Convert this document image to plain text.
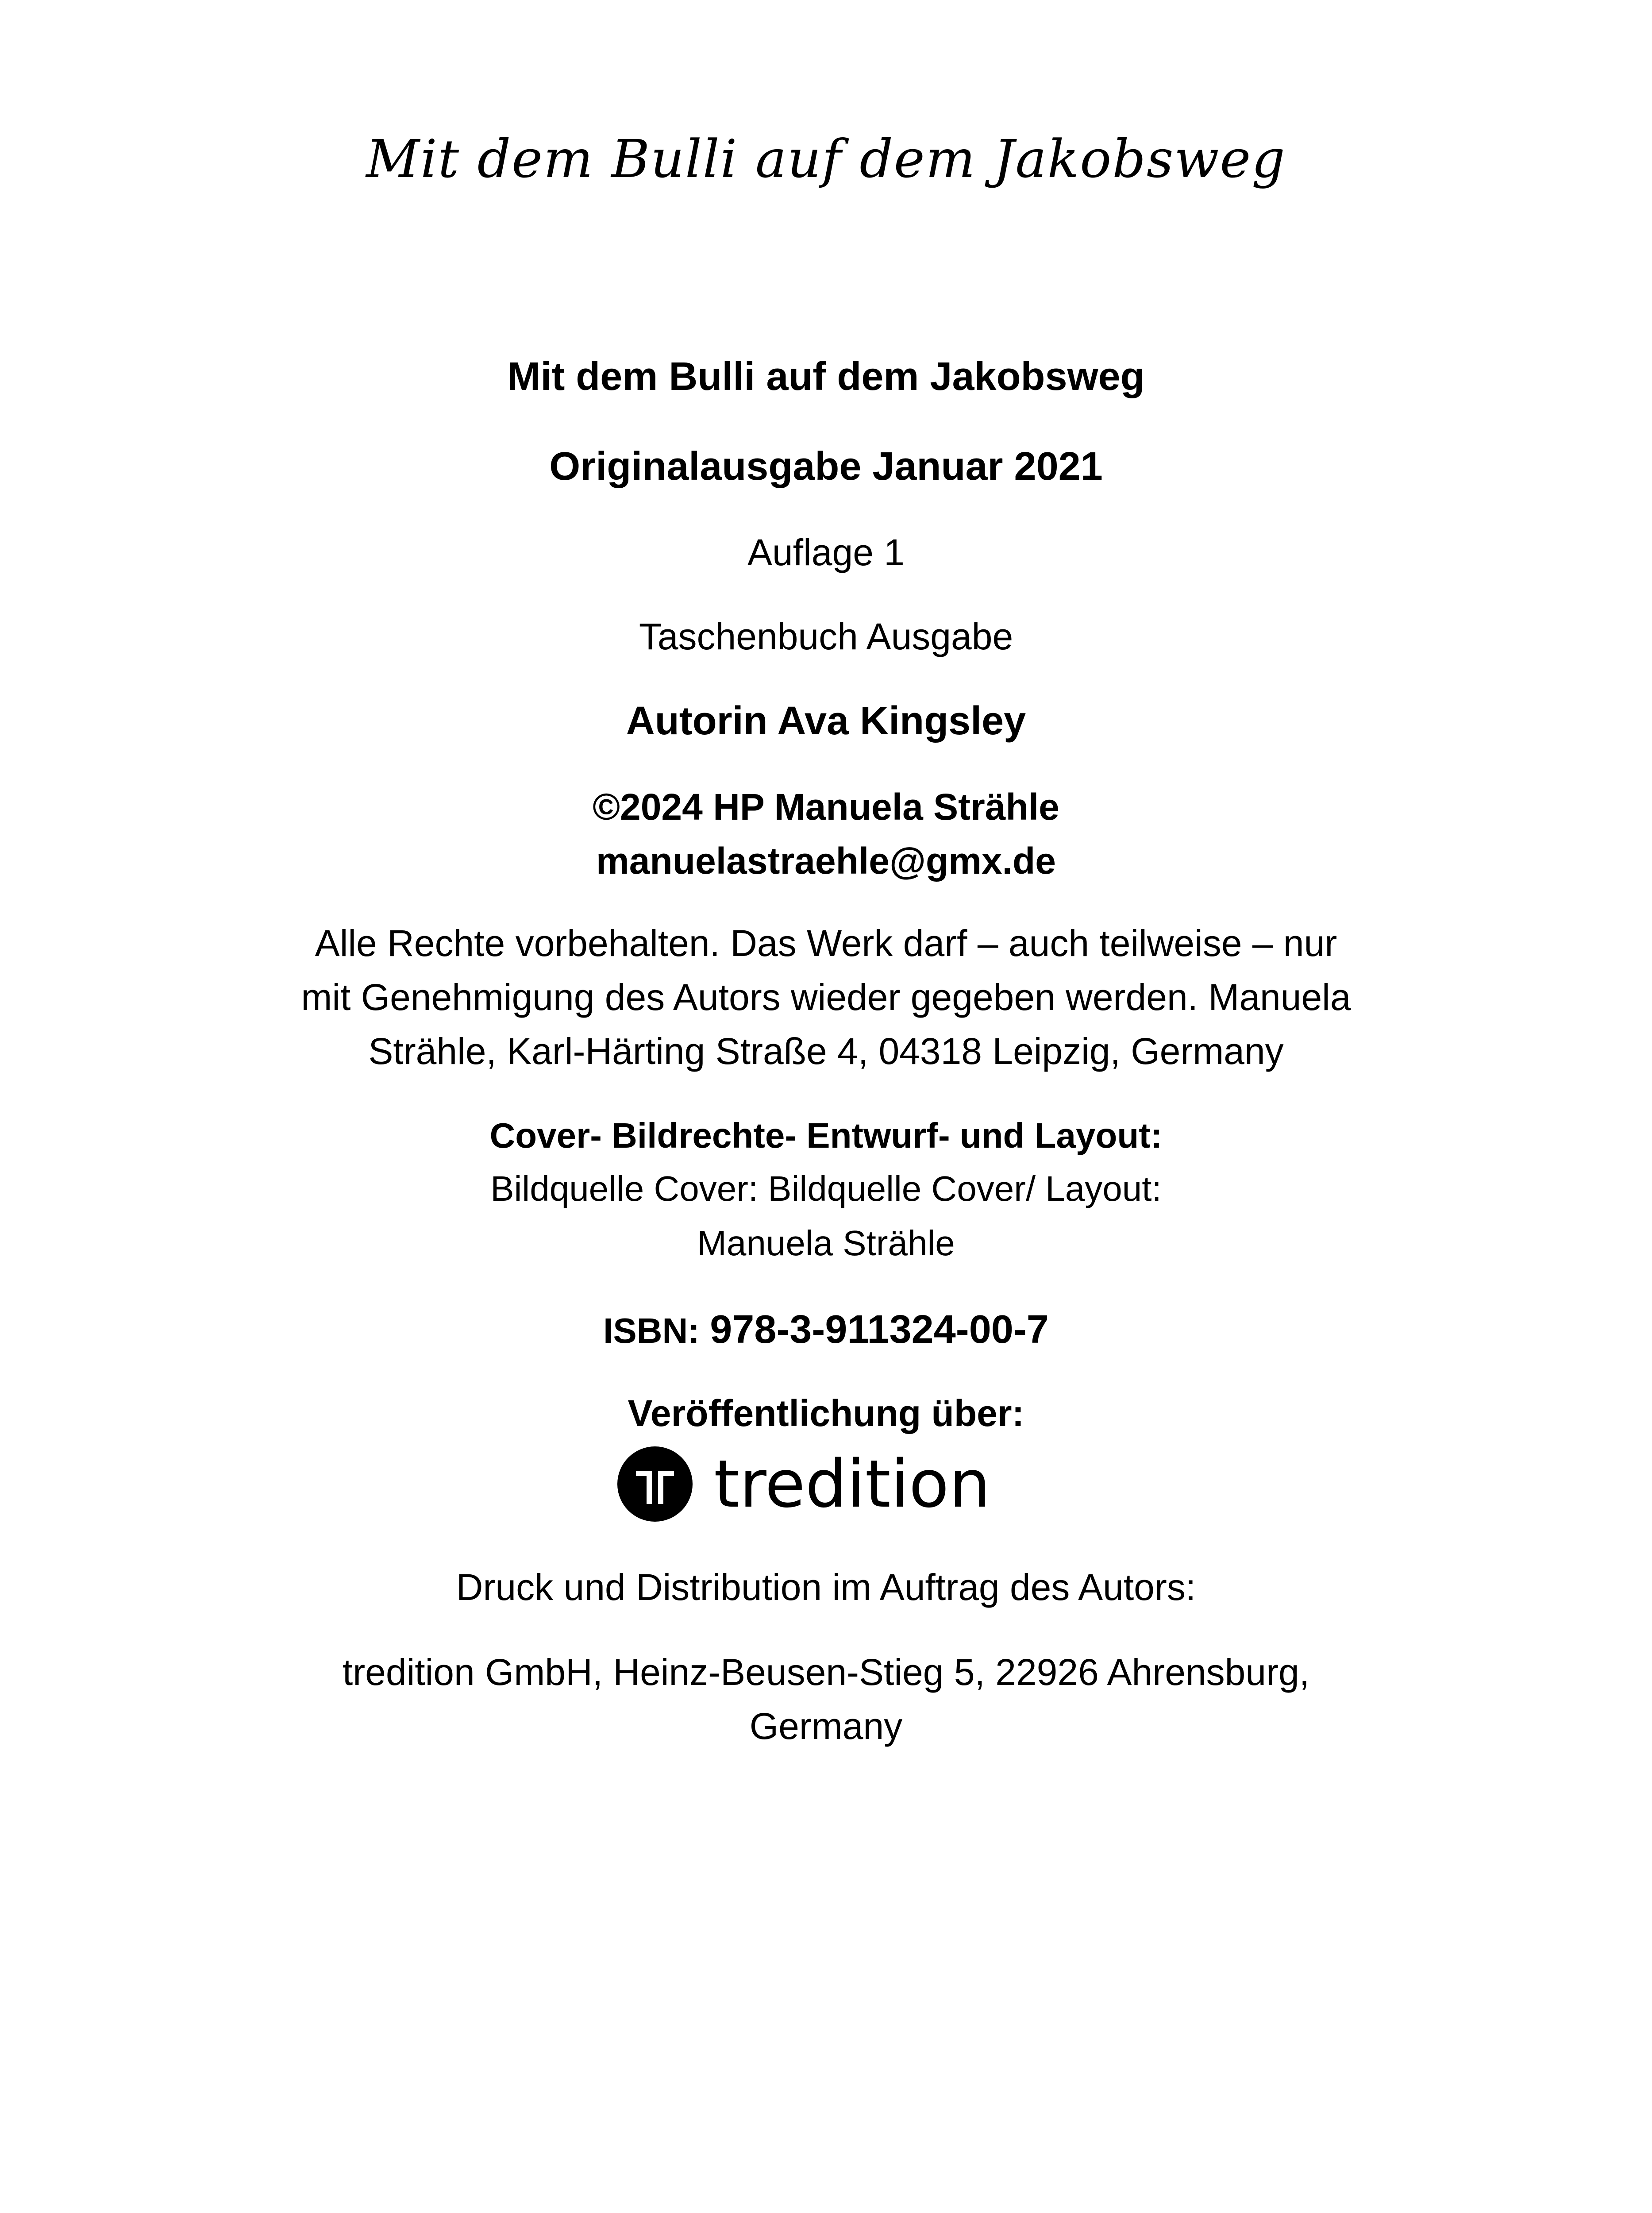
Mit dem Bulli auf dem Jakobsweg
Mit dem Bulli auf dem Jakobsweg
Originalausgabe Januar 2021
Auflage 1
Taschenbuch Ausgabe
Autorin Ava Kingsley
©2024 HP Manuela Strähle
manuelastraehle@gmx.de
Alle Rechte vorbehalten. Das Werk darf – auch teilweise – nur
mit Genehmigung des Autors wieder gegeben werden. Manuela
Strähle, Karl-Härting Straße 4, 04318 Leipzig, Germany
Cover- Bildrechte- Entwurf- und Layout:
Bildquelle Cover: Bildquelle Cover/ Layout:
Manuela Strähle
ISBN: 978-3-911324-00-7
Veröffentlichung über:
tredition
Druck und Distribution im Auftrag des Autors:
tredition GmbH, Heinz-Beusen-Stieg 5, 22926 Ahrensburg,
Germany
